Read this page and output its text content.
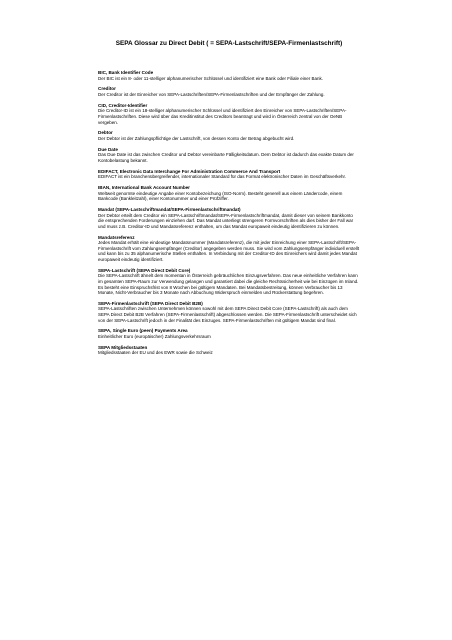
SEPA Glossar zu Direct Debit ( = SEPA-Lastschrift/SEPA-Firmenlastschrift)

BIC, Bank Identifier Code

Der BIC ist ein 8- oder 11-stelliger alphanumerischer Schlüssel und identifiziert eine Bank oder Filiale einer Bank.

Creditor

Der Creditor ist der Einreicher von SEPA-Lastschriften/SEPA-Firmenlastschriften und der Empfänger der Zahlung.

CID, Creditor-Identifier

Die Creditor-ID ist ein 18-stelliger alphanumerischer Schlüssel und identifiziert den Einreicher von SEPA-Lastschriften/SEPA-Firmenlastschriften. Diese wird über das Kreditinstitut des Creditors beantragt und wird in Österreich zentral von der OeNB vergeben.

Debtor

Der Debtor ist der Zahlungspflichtige der Lastschrift, von dessen Konto der Betrag abgebucht wird.

Due Date

Das Due Date ist das zwischen Creditor und Debtor vereinbarte Fälligkeitsdatum. Dem Debtor ist dadurch das exakte Datum der Kontobelastung bekannt.

EDIFACT, Electronic Data Interchange For Administration Commerce And Transport

EDIFACT ist ein branchenübergreifender, internationaler Standard für das Format elektronischer Daten im Geschäftsverkehr.

IBAN, International Bank Account Number

Weltweit genormte eindeutige Angabe einer Kontobezeichung (ISO-Norm). Besteht generell aus einem Ländercode, einem Bankcode (Bankleitzahl), einer Kontonummer und einer Prüfziffer.

Mandat (SEPA-Lastschriftmandat/SEPA-Firmenlastschriftmandat)

Der Debtor erteilt dem Creditor ein SEPA-Lastschriftmandat/SEPA-Firmenlastschriftmandat, damit dieser von seinem Bankkonto die entsprechenden Forderungen einziehen darf. Das Mandat unterliegt strengeren Formvorschriften als dies bisher der Fall war und muss z.B. Creditor-ID und Mandatsreferenz enthalten, um das Mandat europaweit eindeutig identifizieren zu können.

Mandatsreferenz

Jedes Mandat erhält eine eindeutige Mandatsnummer (Mandatsreferenz), die mit jeder Einreichung einer SEPA-Lastschrift/SEPA-Firmenlastschrift vom Zahlungsempfänger (Creditor) angegeben werden muss. Sie wird vom Zahlungsempfänger individuell erstellt und kann bis zu 35 alphanumerische Stellen enthalten. In Verbindung mit der Creditor-ID des Einreichers wird damit jedes Mandat europaweit eindeutig identifiziert.

SEPA-Lastschrift (SEPA Direct Debit Core)

Die SEPA-Lastschrift ähnelt dem momentan in Österreich gebräuchlichen Einzugsverfahren. Das neue einheitliche Verfahren kann im gesamten SEPA-Raum zur Verwendung gelangen und garantiert dabei die gleiche Rechtssicherheit wie bei Einzügen im Inland. Es besteht eine Einspruchsfrist von 8 Wochen bei gültigem Mandaten. Bei Mandatsbestreitung, können Verbraucher bis 13 Monate, Nicht-Verbraucher bis 3 Monate nach Abbuchung Widerspruch einmelden und Rückerstattung begehren.

SEPA-Firmenlastschrift (SEPA Direct Debit B2B)

SEPA-Lastschriften zwischen Unternehmen können sowohl mit dem SEPA Direct Debit Core (SEPA-Lastschrift) als auch dem SEPA Direct Debit B2B Verfahren (SEPA-Firmenlastschrift) abgeschlossen werden. Die SEPA-Firmenlastschrift unterscheidet sich von der SEPA-Lastschrift jedoch in der Finalität des Einzuges. SEPA-Firmenlastschriften mit gültigem Mandat sind final.

SEPA, Single Euro (peen) Payments Area

Einheitlicher Euro (europäischer) Zahlungsverkehrsraum

SEPA Mitgliedsstaaten

Mitgliedsstaaten der EU und des EWR sowie die Schweiz
